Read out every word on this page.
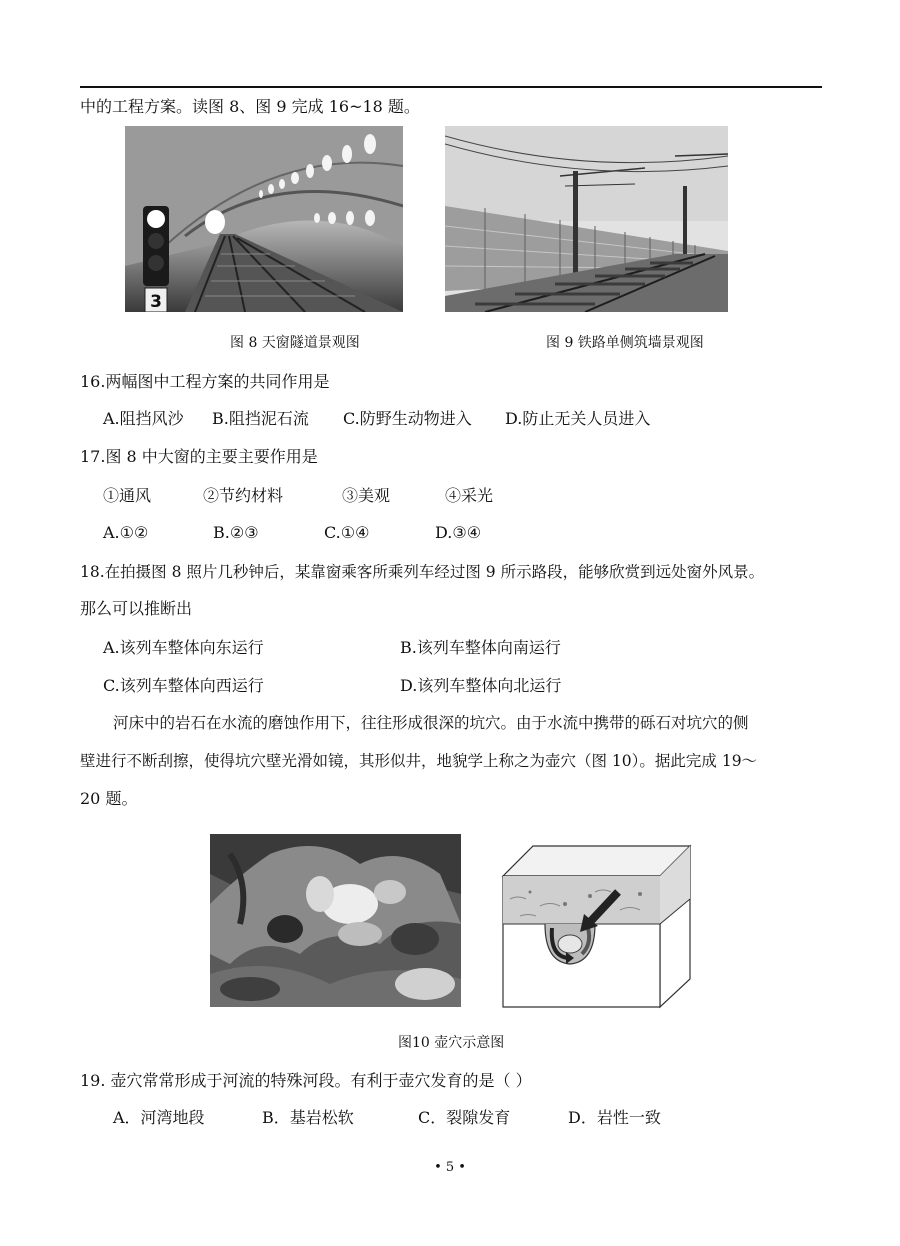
中的工程方案。读图 8、图 9 完成 16~18 题。
3
图 8 天窗隧道景观图	图 9 铁路单侧筑墙景观图
16.两幅图中工程方案的共同作用是
A.阻挡风沙 B.阻挡泥石流 C.防野生动物进入 D.防止无关人员进入
17.图 8 中大窗的主要主要作用是
①通风	②节约材料	③美观	④采光
A.①②	B.②③	C.①④	D.③④
18.在拍摄图 8 照片几秒钟后，某靠窗乘客所乘列车经过图 9 所示路段，能够欣赏到远处窗外风景。
那么可以推断出
A.该列车整体向东运行	B.该列车整体向南运行
C.该列车整体向西运行	D.该列车整体向北运行
河床中的岩石在水流的磨蚀作用下，往往形成很深的坑穴。由于水流中携带的砾石对坑穴的侧
壁进行不断刮擦，使得坑穴壁光滑如镜，其形似井，地貌学上称之为壶穴（图 10）。据此完成 19～
20 题。
图10 壶穴示意图
19. 壶穴常常形成于河流的特殊河段。有利于壶穴发育的是（ ）
A．河湾地段	B．基岩松软	C．裂隙发育	D．岩性一致
• 5 •
